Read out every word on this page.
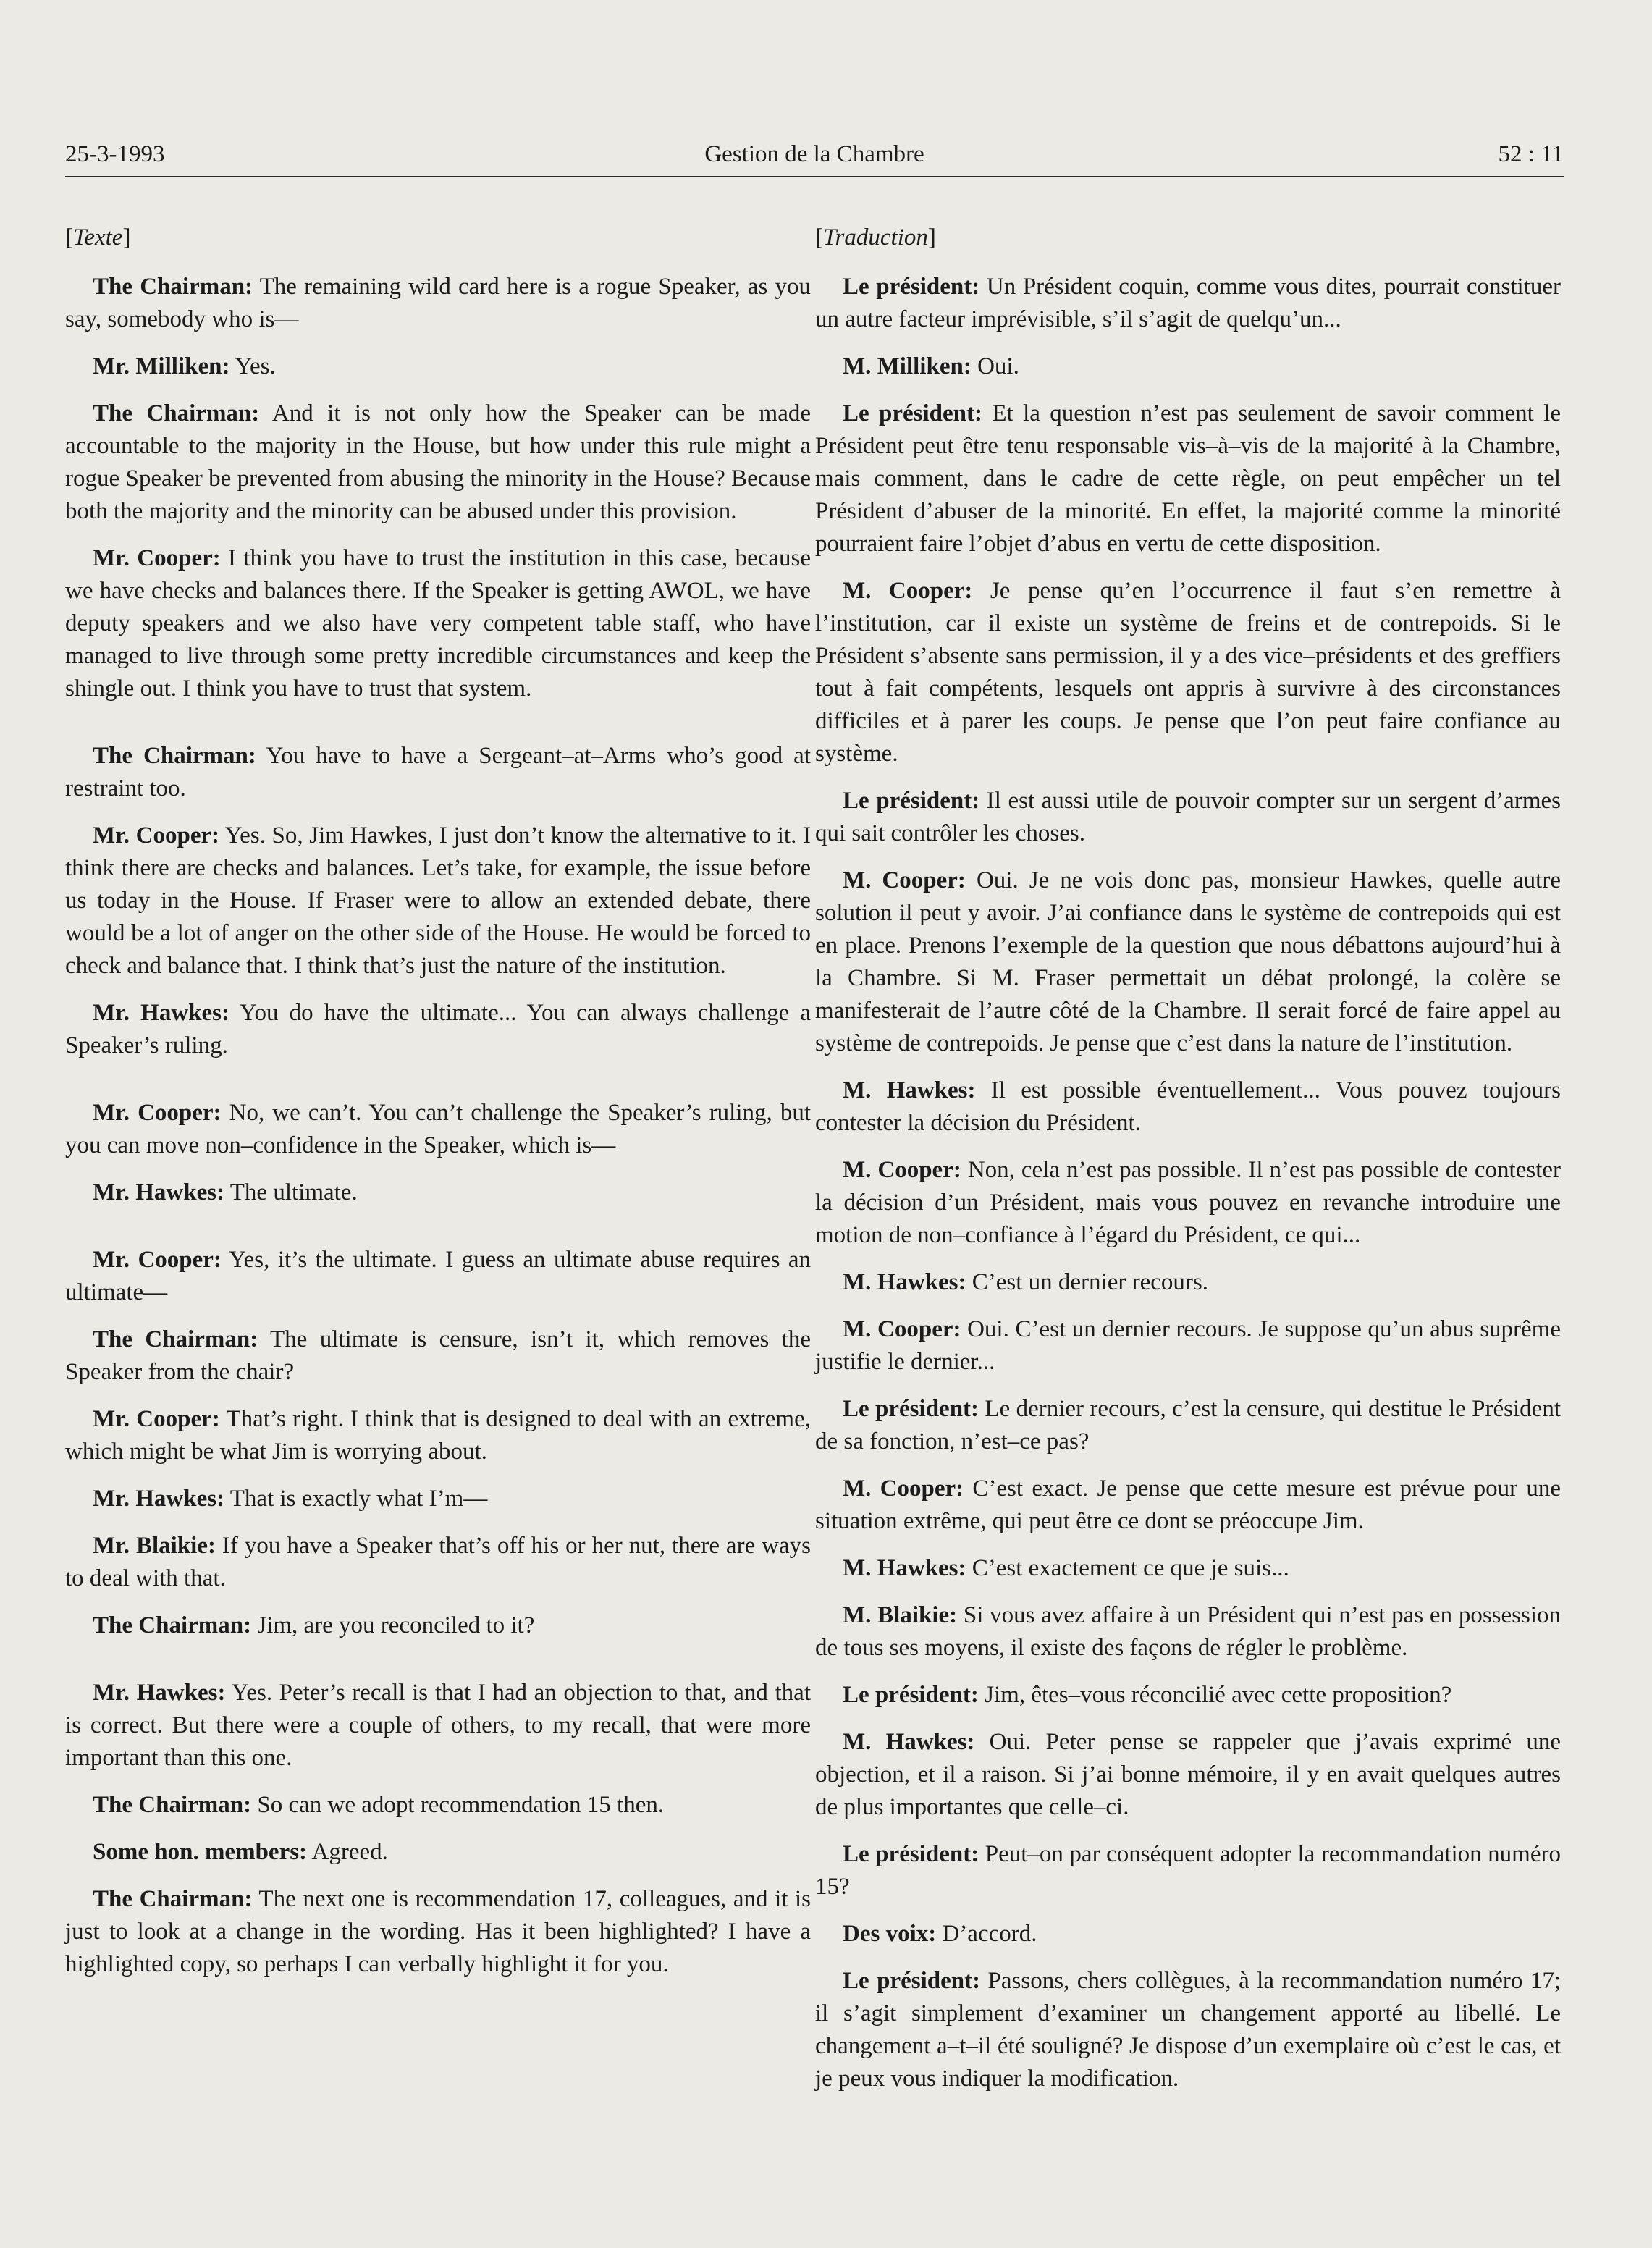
25-3-1993	Gestion de la Chambre	52 : 11
[Texte]

The Chairman: The remaining wild card here is a rogue Speaker, as you say, somebody who is—

Mr. Milliken: Yes.

The Chairman: And it is not only how the Speaker can be made accountable to the majority in the House, but how under this rule might a rogue Speaker be prevented from abusing the minority in the House? Because both the majority and the minority can be abused under this provision.

Mr. Cooper: I think you have to trust the institution in this case, because we have checks and balances there. If the Speaker is getting AWOL, we have deputy speakers and we also have very competent table staff, who have managed to live through some pretty incredible circumstances and keep the shingle out. I think you have to trust that system.

The Chairman: You have to have a Sergeant–at–Arms who’s good at restraint too.

Mr. Cooper: Yes. So, Jim Hawkes, I just don’t know the alternative to it. I think there are checks and balances. Let’s take, for example, the issue before us today in the House. If Fraser were to allow an extended debate, there would be a lot of anger on the other side of the House. He would be forced to check and balance that. I think that’s just the nature of the institution.

Mr. Hawkes: You do have the ultimate... You can always challenge a Speaker’s ruling.

Mr. Cooper: No, we can’t. You can’t challenge the Speaker’s ruling, but you can move non–confidence in the Speaker, which is—

Mr. Hawkes: The ultimate.

Mr. Cooper: Yes, it’s the ultimate. I guess an ultimate abuse requires an ultimate—

The Chairman: The ultimate is censure, isn’t it, which removes the Speaker from the chair?

Mr. Cooper: That’s right. I think that is designed to deal with an extreme, which might be what Jim is worrying about.

Mr. Hawkes: That is exactly what I’m—

Mr. Blaikie: If you have a Speaker that’s off his or her nut, there are ways to deal with that.

The Chairman: Jim, are you reconciled to it?

Mr. Hawkes: Yes. Peter’s recall is that I had an objection to that, and that is correct. But there were a couple of others, to my recall, that were more important than this one.

The Chairman: So can we adopt recommendation 15 then.

Some hon. members: Agreed.

The Chairman: The next one is recommendation 17, colleagues, and it is just to look at a change in the wording. Has it been highlighted? I have a highlighted copy, so perhaps I can verbally highlight it for you.

[Traduction]

Le président: Un Président coquin, comme vous dites, pourrait constituer un autre facteur imprévisible, s’il s’agit de quelqu’un...

M. Milliken: Oui.

Le président: Et la question n’est pas seulement de savoir comment le Président peut être tenu responsable vis–à–vis de la majorité à la Chambre, mais comment, dans le cadre de cette règle, on peut empêcher un tel Président d’abuser de la minorité. En effet, la majorité comme la minorité pourraient faire l’objet d’abus en vertu de cette disposition.

M. Cooper: Je pense qu’en l’occurrence il faut s’en remettre à l’institution, car il existe un système de freins et de contrepoids. Si le Président s’absente sans permission, il y a des vice–présidents et des greffiers tout à fait compétents, lesquels ont appris à survivre à des circonstances difficiles et à parer les coups. Je pense que l’on peut faire confiance au système.

Le président: Il est aussi utile de pouvoir compter sur un sergent d’armes qui sait contrôler les choses.

M. Cooper: Oui. Je ne vois donc pas, monsieur Hawkes, quelle autre solution il peut y avoir. J’ai confiance dans le système de contrepoids qui est en place. Prenons l’exemple de la question que nous débattons aujourd’hui à la Chambre. Si M. Fraser permettait un débat prolongé, la colère se manifesterait de l’autre côté de la Chambre. Il serait forcé de faire appel au système de contrepoids. Je pense que c’est dans la nature de l’institution.

M. Hawkes: Il est possible éventuellement... Vous pouvez toujours contester la décision du Président.

M. Cooper: Non, cela n’est pas possible. Il n’est pas possible de contester la décision d’un Président, mais vous pouvez en revanche introduire une motion de non–confiance à l’égard du Président, ce qui...

M. Hawkes: C’est un dernier recours.

M. Cooper: Oui. C’est un dernier recours. Je suppose qu’un abus suprême justifie le dernier...

Le président: Le dernier recours, c’est la censure, qui destitue le Président de sa fonction, n’est–ce pas?

M. Cooper: C’est exact. Je pense que cette mesure est prévue pour une situation extrême, qui peut être ce dont se préoccupe Jim.

M. Hawkes: C’est exactement ce que je suis...

M. Blaikie: Si vous avez affaire à un Président qui n’est pas en possession de tous ses moyens, il existe des façons de régler le problème.

Le président: Jim, êtes–vous réconcilié avec cette proposition?

M. Hawkes: Oui. Peter pense se rappeler que j’avais exprimé une objection, et il a raison. Si j’ai bonne mémoire, il y en avait quelques autres de plus importantes que celle–ci.

Le président: Peut–on par conséquent adopter la recommandation numéro 15?

Des voix: D’accord.

Le président: Passons, chers collègues, à la recommandation numéro 17; il s’agit simplement d’examiner un changement apporté au libellé. Le changement a–t–il été souligné? Je dispose d’un exemplaire où c’est le cas, et je peux vous indiquer la modification.
